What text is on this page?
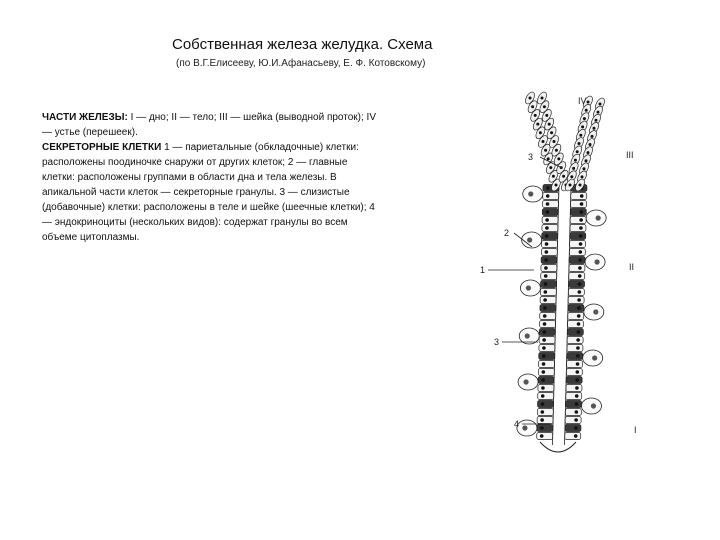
Собственная железа желудка. Схема
(по В.Г.Елисееву, Ю.И.Афанасьеву, Е. Ф. Котовскому)

ЧАСТИ ЖЕЛЕЗЫ: I — дно; II — тело; III — шейка (выводной проток); IV — устье (перешеек).

СЕКРЕТОРНЫЕ КЛЕТКИ 1 — париетальные (обкладочные) клетки: расположены поодиночке снаружи от других клеток; 2 — главные клетки: расположены группами в области дна и тела железы. В апикальной части клеток — секреторные гранулы. 3 — слизистые (добавочные) клетки: расположены в теле и шейке (шеечные клетки); 4 — эндокриноциты (нескольких видов): содержат гранулы во всем объеме цитоплазмы.

IV
III
II
I
3
2
1
3
4
